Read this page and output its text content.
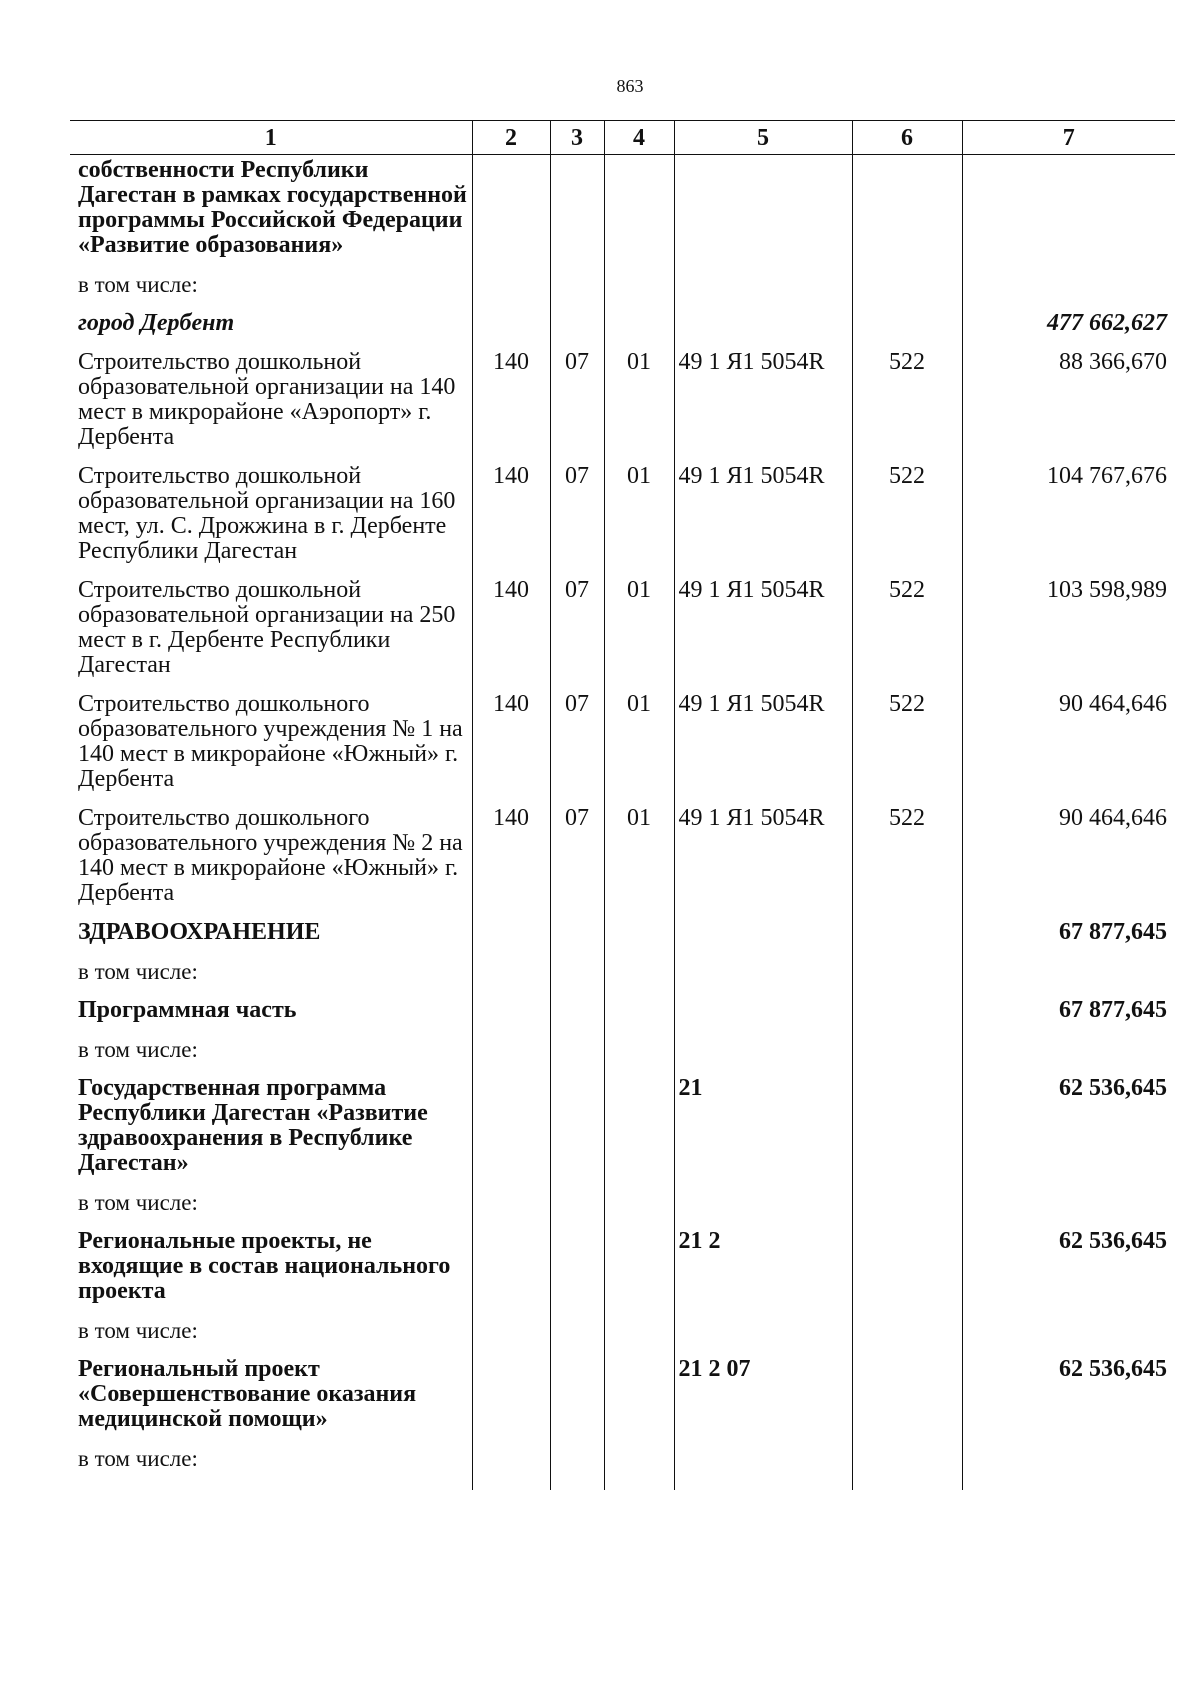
863
1	2	3	4	5	6	7
собственности Республики Дагестан в рамках государственной программы Российской Федерации «Развитие образования»						
в том числе:						
город Дербент						477 662,627
Строительство дошкольной образовательной организации на 140 мест в микрорайоне «Аэропорт» г. Дербента	140	07	01	49 1 Я1 5054R	522	88 366,670
Строительство дошкольной образовательной организации на 160 мест, ул. С. Дрожжина в г. Дербенте Республики Дагестан	140	07	01	49 1 Я1 5054R	522	104 767,676
Строительство дошкольной образовательной организации на 250 мест в г. Дербенте Республики Дагестан	140	07	01	49 1 Я1 5054R	522	103 598,989
Строительство дошкольного образовательного учреждения № 1 на 140 мест в микрорайоне «Южный» г. Дербента	140	07	01	49 1 Я1 5054R	522	90 464,646
Строительство дошкольного образовательного учреждения № 2 на 140 мест в микрорайоне «Южный» г. Дербента	140	07	01	49 1 Я1 5054R	522	90 464,646
ЗДРАВООХРАНЕНИЕ						67 877,645
в том числе:						
Программная часть						67 877,645
в том числе:						
Государственная программа Республики Дагестан «Развитие здравоохранения в Республике Дагестан»				21		62 536,645
в том числе:						
Региональные проекты, не входящие в состав национального проекта				21 2		62 536,645
в том числе:						
Региональный проект «Совершенствование оказания медицинской помощи»				21 2 07		62 536,645
в том числе:						
